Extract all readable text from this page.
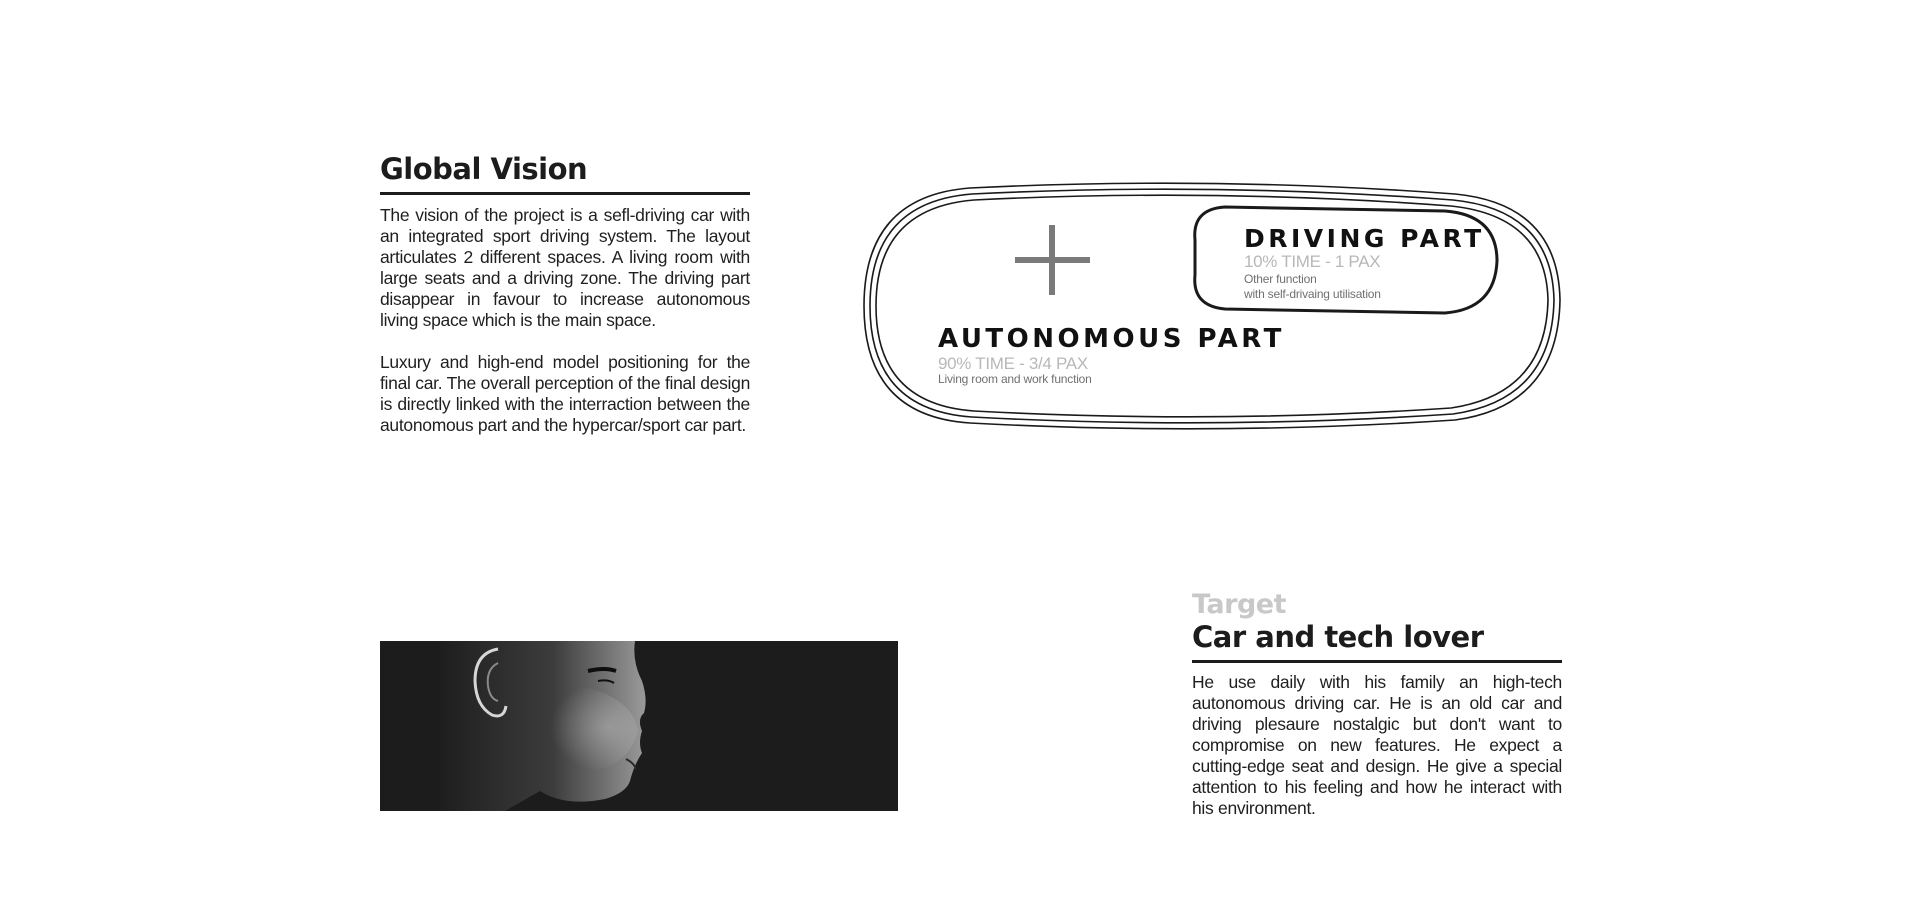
Global Vision

The vision of the project is a sefl-driving car with an integrated sport driving system. The layout articulates 2 different spaces. A living room with large seats and a driving zone. The driving part disappear in favour to increase autonomous living space which is the main space.

Luxury and high-end model positioning for the final car. The overall perception of the final design is directly linked with the interraction between the autonomous part and the hypercar/sport car part.

AUTONOMOUS PART
90% TIME - 3/4 PAX
Living room and work function
DRIVING PART
10% TIME - 1 PAX
Other function
with self-drivaing utilisation
Target
Car and tech lover

He use daily with his family an high-tech autonomous driving car. He is an old car and driving plesaure nostalgic but don't want to compromise on new features. He expect a cutting-edge seat and design. He give a special attention to his feeling and how he interact with his environment.
